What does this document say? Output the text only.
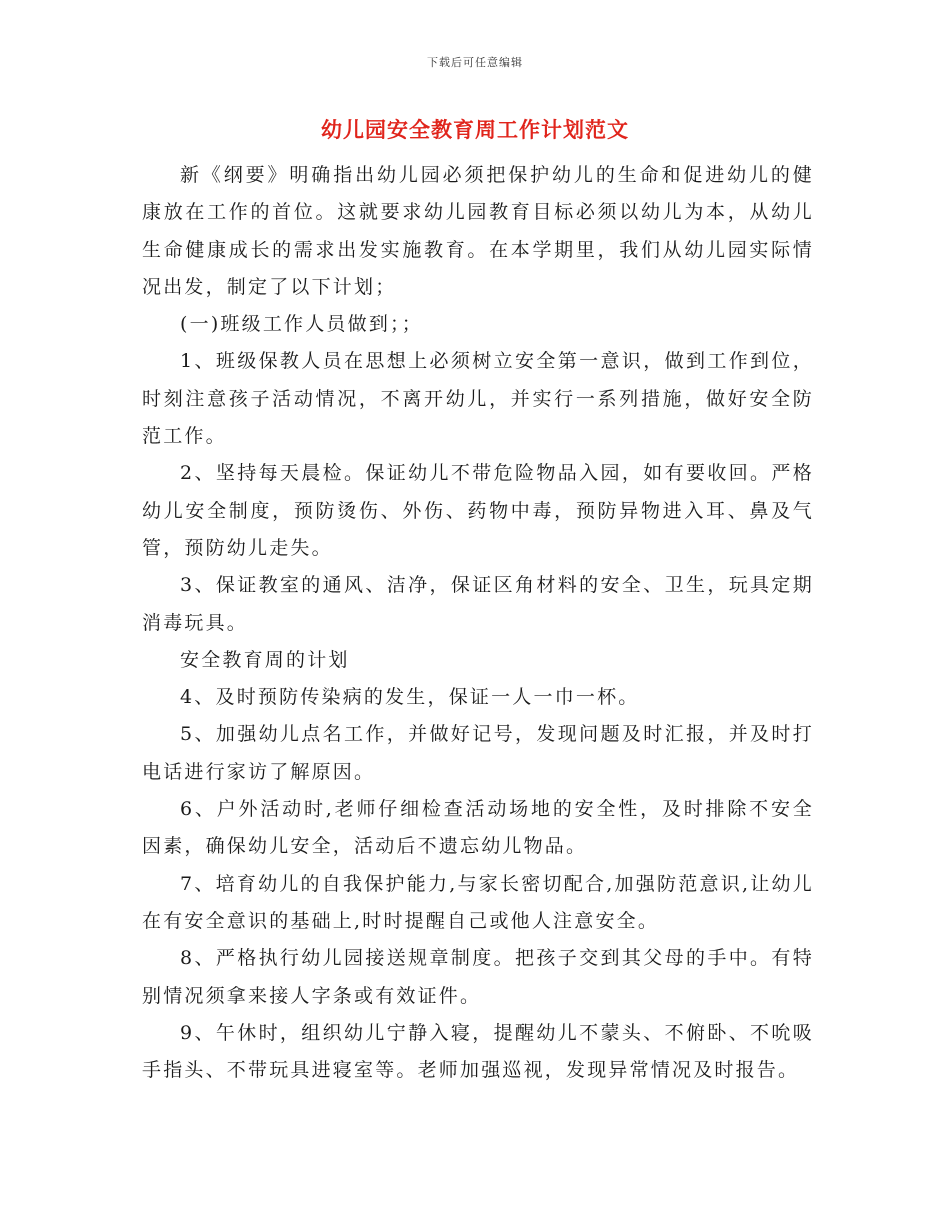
下载后可任意编辑
幼儿园安全教育周工作计划范文

新《纲要》明确指出幼儿园必须把保护幼儿的生命和促进幼儿的健康放在工作的首位。这就要求幼儿园教育目标必须以幼儿为本，从幼儿生命健康成长的需求出发实施教育。在本学期里，我们从幼儿园实际情况出发，制定了以下计划；

(一)班级工作人员做到；；

1、班级保教人员在思想上必须树立安全第一意识，做到工作到位，时刻注意孩子活动情况，不离开幼儿，并实行一系列措施，做好安全防范工作。

2、坚持每天晨检。保证幼儿不带危险物品入园，如有要收回。严格幼儿安全制度，预防烫伤、外伤、药物中毒，预防异物进入耳、鼻及气管，预防幼儿走失。

3、保证教室的通风、洁净，保证区角材料的安全、卫生，玩具定期消毒玩具。

安全教育周的计划

4、及时预防传染病的发生，保证一人一巾一杯。

5、加强幼儿点名工作，并做好记号，发现问题及时汇报，并及时打电话进行家访了解原因。

6、户外活动时,老师仔细检查活动场地的安全性，及时排除不安全因素，确保幼儿安全，活动后不遗忘幼儿物品。

7、培育幼儿的自我保护能力,与家长密切配合,加强防范意识,让幼儿在有安全意识的基础上,时时提醒自己或他人注意安全。

8、严格执行幼儿园接送规章制度。把孩子交到其父母的手中。有特别情况须拿来接人字条或有效证件。

9、午休时，组织幼儿宁静入寝，提醒幼儿不蒙头、不俯卧、不吮吸手指头、不带玩具进寝室等。老师加强巡视，发现异常情况及时报告。
